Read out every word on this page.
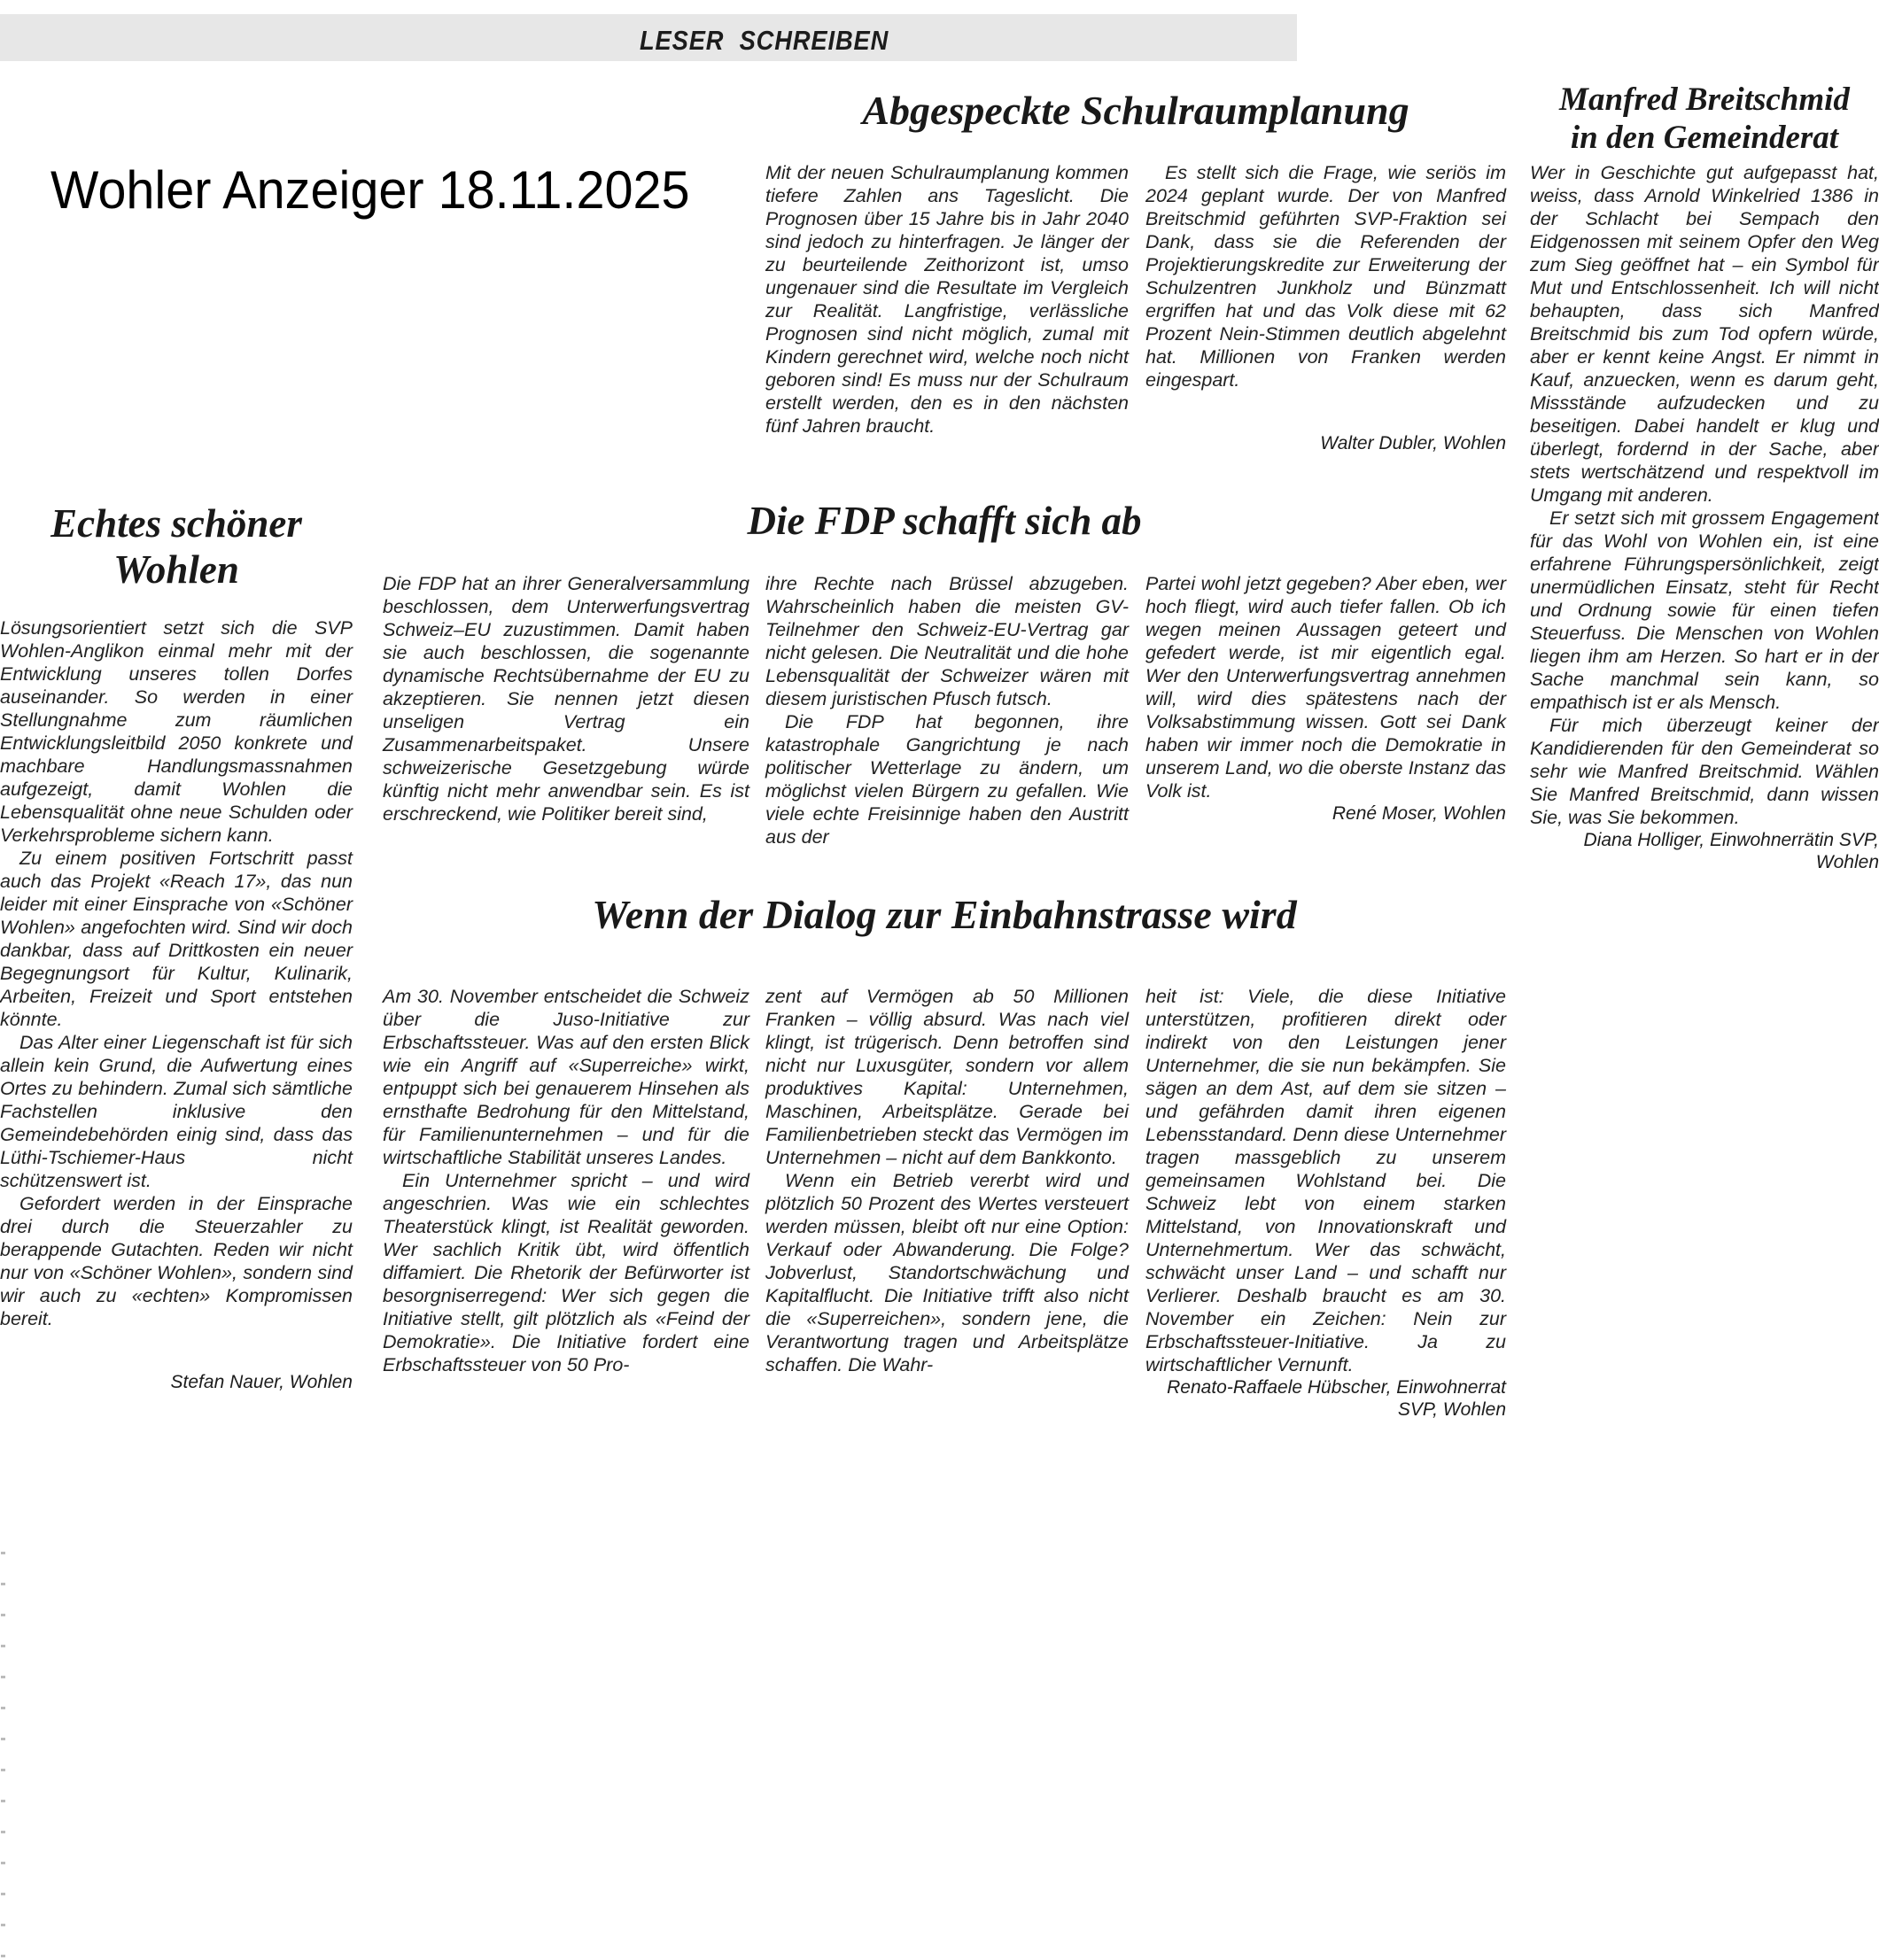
LESER SCHREIBEN
Wohler Anzeiger 18.11.2025
Abgespeckte Schulraumplanung

Mit der neuen Schulraumplanung kommen tiefere Zahlen ans Tageslicht. Die Prognosen über 15 Jahre bis in Jahr 2040 sind jedoch zu hinterfragen. Je länger der zu beurteilende Zeithorizont ist, umso ungenauer sind die Resultate im Vergleich zur Realität. Langfristige, verlässliche Prognosen sind nicht möglich, zumal mit Kindern gerechnet wird, welche noch nicht geboren sind! Es muss nur der Schulraum erstellt werden, den es in den nächsten fünf Jahren braucht.

Es stellt sich die Frage, wie seriös im 2024 geplant wurde. Der von Manfred Breitschmid geführten SVP-Fraktion sei Dank, dass sie die Referenden der Projektierungskredite zur Erweiterung der Schulzentren Junkholz und Bünzmatt ergriffen hat und das Volk diese mit 62 Prozent Nein-Stimmen deutlich abgelehnt hat. Millionen von Franken werden eingespart.

Walter Dubler, Wohlen
Manfred Breitschmid
in den Gemeinderat

Wer in Geschichte gut aufgepasst hat, weiss, dass Arnold Winkelried 1386 in der Schlacht bei Sempach den Eidgenossen mit seinem Opfer den Weg zum Sieg geöffnet hat – ein Symbol für Mut und Entschlossenheit. Ich will nicht behaupten, dass sich Manfred Breitschmid bis zum Tod opfern würde, aber er kennt keine Angst. Er nimmt in Kauf, anzuecken, wenn es darum geht, Missstände aufzudecken und zu beseitigen. Dabei handelt er klug und überlegt, fordernd in der Sache, aber stets wertschätzend und respektvoll im Umgang mit anderen.

Er setzt sich mit grossem Engagement für das Wohl von Wohlen ein, ist eine erfahrene Führungspersönlichkeit, zeigt unermüdlichen Einsatz, steht für Recht und Ordnung sowie für einen tiefen Steuerfuss. Die Menschen von Wohlen liegen ihm am Herzen. So hart er in der Sache manchmal sein kann, so empathisch ist er als Mensch.

Für mich überzeugt keiner der Kandidierenden für den Gemeinderat so sehr wie Manfred Breitschmid. Wählen Sie Manfred Breitschmid, dann wissen Sie, was Sie bekommen.

Diana Holliger, Einwohnerrätin SVP, Wohlen
Echtes schöner
Wohlen

Lösungsorientiert setzt sich die SVP Wohlen-Anglikon einmal mehr mit der Entwicklung unseres tollen Dorfes auseinander. So werden in einer Stellungnahme zum räumlichen Entwicklungsleitbild 2050 konkrete und machbare Handlungsmassnahmen aufgezeigt, damit Wohlen die Lebensqualität ohne neue Schulden oder Verkehrsprobleme sichern kann.

Zu einem positiven Fortschritt passt auch das Projekt «Reach 17», das nun leider mit einer Einsprache von «Schöner Wohlen» angefochten wird. Sind wir doch dankbar, dass auf Drittkosten ein neuer Begegnungsort für Kultur, Kulinarik, Arbeiten, Freizeit und Sport entstehen könnte.

Das Alter einer Liegenschaft ist für sich allein kein Grund, die Aufwertung eines Ortes zu behindern. Zumal sich sämtliche Fachstellen inklusive den Gemeindebehörden einig sind, dass das Lüthi-Tschiemer-Haus nicht schützenswert ist.

Gefordert werden in der Einsprache drei durch die Steuerzahler zu berappende Gutachten. Reden wir nicht nur von «Schöner Wohlen», sondern sind wir auch zu «echten» Kompromissen bereit.

Stefan Nauer, Wohlen
Die FDP schafft sich ab

Die FDP hat an ihrer Generalversammlung beschlossen, dem Unterwerfungsvertrag Schweiz–EU zuzustimmen. Damit haben sie auch beschlossen, die sogenannte dynamische Rechtsübernahme der EU zu akzeptieren. Sie nennen jetzt diesen unseligen Vertrag ein Zusammenarbeitspaket. Unsere schweizerische Gesetzgebung würde künftig nicht mehr anwendbar sein. Es ist erschreckend, wie Politiker bereit sind,

ihre Rechte nach Brüssel abzugeben. Wahrscheinlich haben die meisten GV-Teilnehmer den Schweiz-EU-Vertrag gar nicht gelesen. Die Neutralität und die hohe Lebensqualität der Schweizer wären mit diesem juristischen Pfusch futsch.

Die FDP hat begonnen, ihre katastrophale Gangrichtung je nach politischer Wetterlage zu ändern, um möglichst vielen Bürgern zu gefallen. Wie viele echte Freisinnige haben den Austritt aus der

Partei wohl jetzt gegeben? Aber eben, wer hoch fliegt, wird auch tiefer fallen. Ob ich wegen meinen Aussagen geteert und gefedert werde, ist mir eigentlich egal. Wer den Unterwerfungsvertrag annehmen will, wird dies spätestens nach der Volksabstimmung wissen. Gott sei Dank haben wir immer noch die Demokratie in unserem Land, wo die oberste Instanz das Volk ist.

René Moser, Wohlen
Wenn der Dialog zur Einbahnstrasse wird

Am 30. November entscheidet die Schweiz über die Juso-Initiative zur Erbschaftssteuer. Was auf den ersten Blick wie ein Angriff auf «Superreiche» wirkt, entpuppt sich bei genauerem Hinsehen als ernsthafte Bedrohung für den Mittelstand, für Familienunternehmen – und für die wirtschaftliche Stabilität unseres Landes.

Ein Unternehmer spricht – und wird angeschrien. Was wie ein schlechtes Theaterstück klingt, ist Realität geworden. Wer sachlich Kritik übt, wird öffentlich diffamiert. Die Rhetorik der Befürworter ist besorgniserregend: Wer sich gegen die Initiative stellt, gilt plötzlich als «Feind der Demokratie». Die Initiative fordert eine Erbschaftssteuer von 50 Pro-

zent auf Vermögen ab 50 Millionen Franken – völlig absurd. Was nach viel klingt, ist trügerisch. Denn betroffen sind nicht nur Luxusgüter, sondern vor allem produktives Kapital: Unternehmen, Maschinen, Arbeitsplätze. Gerade bei Familienbetrieben steckt das Vermögen im Unternehmen – nicht auf dem Bankkonto.

Wenn ein Betrieb vererbt wird und plötzlich 50 Prozent des Wertes versteuert werden müssen, bleibt oft nur eine Option: Verkauf oder Abwanderung. Die Folge? Jobverlust, Standortschwächung und Kapitalflucht. Die Initiative trifft also nicht die «Superreichen», sondern jene, die Verantwortung tragen und Arbeitsplätze schaffen. Die Wahr-

heit ist: Viele, die diese Initiative unterstützen, profitieren direkt oder indirekt von den Leistungen jener Unternehmer, die sie nun bekämpfen. Sie sägen an dem Ast, auf dem sie sitzen – und gefährden damit ihren eigenen Lebensstandard. Denn diese Unternehmer tragen massgeblich zu unserem gemeinsamen Wohlstand bei. Die Schweiz lebt von einem starken Mittelstand, von Innovationskraft und Unternehmertum. Wer das schwächt, schwächt unser Land – und schafft nur Verlierer. Deshalb braucht es am 30. November ein Zeichen: Nein zur Erbschaftssteuer-Initiative. Ja zu wirtschaftlicher Vernunft.

Renato-Raffaele Hübscher, Einwohnerrat SVP, Wohlen
